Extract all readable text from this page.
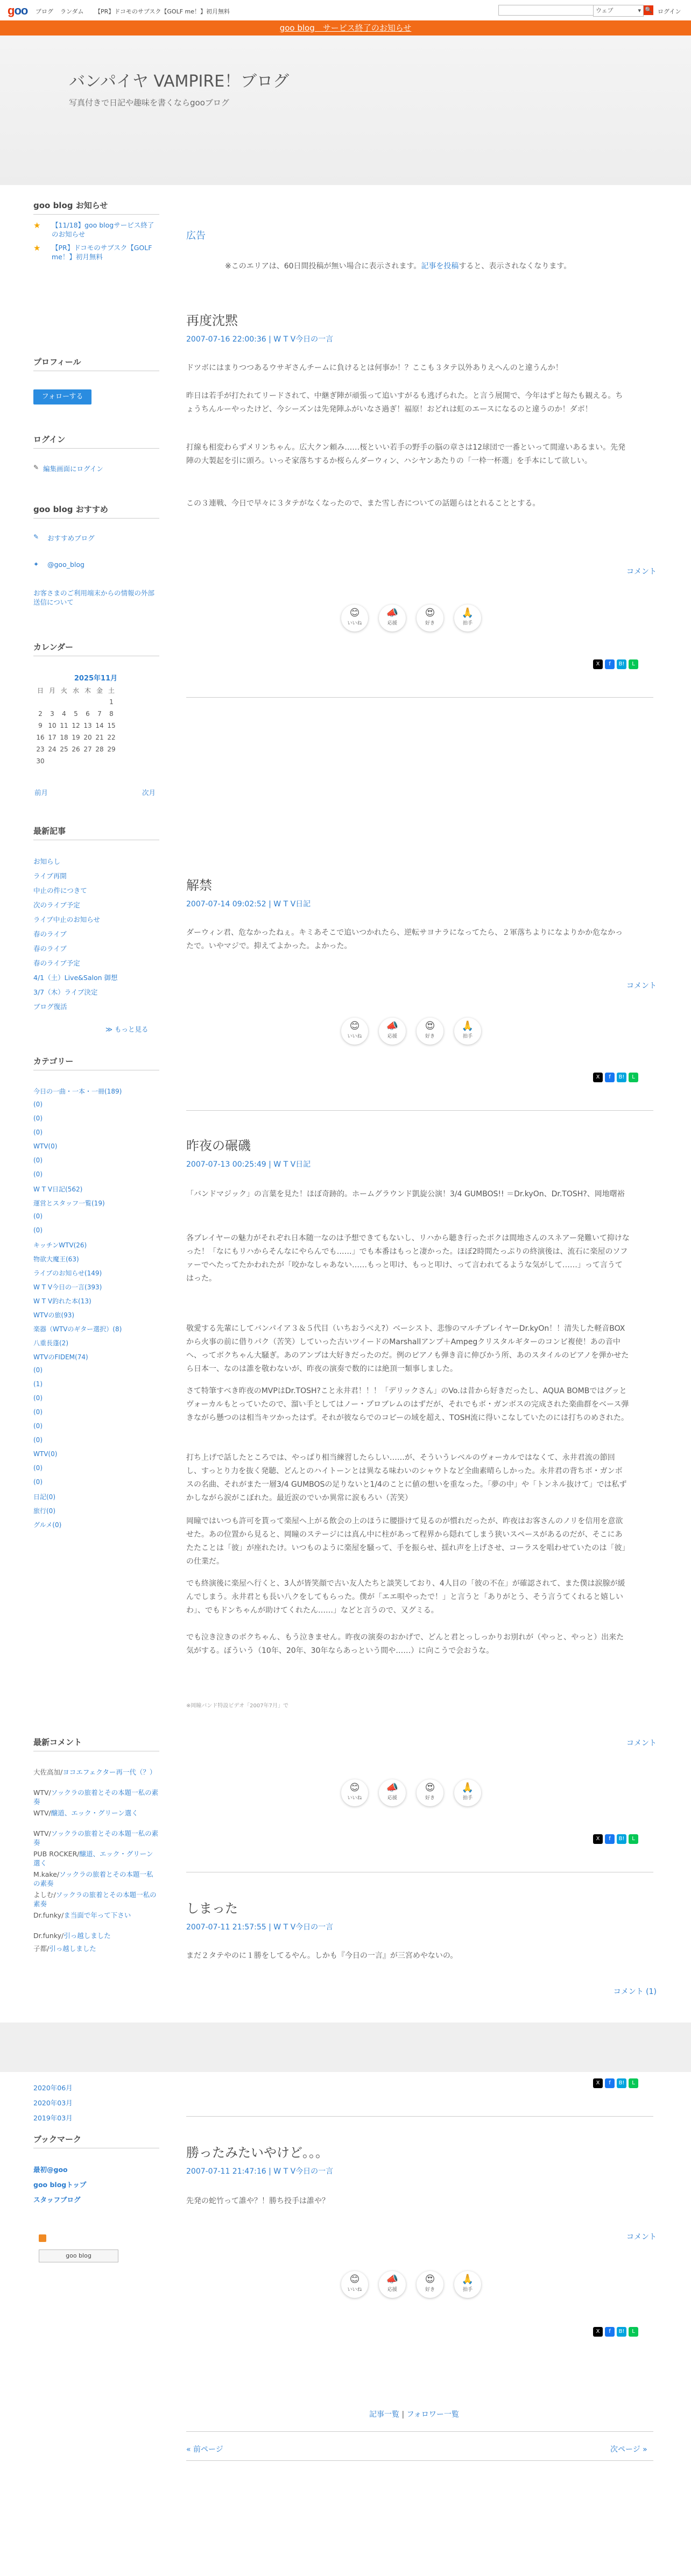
goo ブログ ランダム 【PR】ドコモのサブスク【GOLF me！】初月無料	ウェブ	▾ 🔍 ログイン
goo blog　サービス終了のお知らせ
バンパイヤ VAMPIRE！ブログ
写真付きで日記や趣味を書くならgooブログ
goo blog お知らせ
★ 【11/18】goo blogサービス終了のお知らせ
★ 【PR】ドコモのサブスク【GOLF me！】初月無料
プロフィール
フォローする
ログイン
✎ 編集画面にログイン
goo blog おすすめ
✎ おすすめブログ
✦ @goo_blog
お客さまのご利用端末からの情報の外部送信について
カレンダー
2025年11月
日	月	火	水	木	金	土
						1
2	3	4	5	6	7	8
9	10	11	12	13	14	15
16	17	18	19	20	21	22
23	24	25	26	27	28	29
30						
前月	次月
最新記事
カテゴリー
最新コメント
ブックマーク
最初@goo
goo blogトップ
スタッフブログ
goo blog
広告
※このエリアは、60日間投稿が無い場合に表示されます。記事を投稿すると、表示されなくなります。
記事一覧 | フォロワー一覧
« 前ページ	次ページ »
お知らし
ライブ再開
中止の件につきて
次のライブ予定
ライブ中止のお知らせ
春のライブ
春のライブ
春のライブ予定
4/1（土）Live&Salon 御想
3/7（木）ライブ決定
ブログ復活
≫ もっと見る
今日の一曲・一本・一冊(189)
(0)
(0)
(0)
WTV(0)
(0)
(0)
W T V日記(562)
運営とスタッフ一覧(19)
(0)
(0)
キッチンWTV(26)
物欲大魔王(63)
ライブのお知らせ(149)
W T V今日の一言(393)
W T V釣れた本(13)
WTVの旅(93)
楽器（WTVのギター選択）(8)
八重長蓬(2)
WTVのFIDEM(74)
(0)
(1)
(0)
(0)
(0)
(0)
WTV(0)
(0)
(0)
日記(0)
旅行(0)
グルメ(0)
大佐高加/ヨコエフェクター再一代（？）
WTV/ソックラの旅着とその本題一私の素奏
WTV/醸道、エック・グリーン選く
WTV/ソックラの旅着とその本題一私の素奏
PUB ROCKER/醸道、エック・グリーン選く
M.kake/ソックラの旅着とその本題一私の素奏
よしむ/ソックラの旅着とその本題一私の素奏
Dr.funky/ま当面で年って下さい
Dr.funky/引っ越しました
子都/引っ越しました
2020年06月
2020年03月
2019年03月
再度沈黙
2007-07-16 22:00:36 | W T V今日の一言
ドツボにはまりつつあるウサギさんチームに負けるとは何事か！？ここも３タテ以外ありえへんのと違うんか！
昨日は若手が打たれてリードされて、中継ぎ陣が頑張って追いすがるも逃げられた。と言う展開で、今年はずと毎たも観える。ちょうちんルーやったけど、今シーズンは先発陣ふがいなさ過ぎ！福原！おどれは虹のエースになるのと違うのか！ダボ！
打線も相変わらずメリンちゃん。広大クン頼み……桜といい若手の野手の脳の章さは12球団で一番といって間違いあるまい。先発陣の大製起を引に頭ろ。いっそ家落ちするか桜らんダーウィン、ハシヤンあたりの「一枠一杯選」を手本にして欲しい。
この３連戦、今日で早々に３タテがなくなったので、また雪し杏についての話題らはとれることとする。
コメント
😊
いいね
📣
応援
😍
好き
🙏
拍手
X	f	B!	L
解禁
2007-07-14 09:02:52 | W T V日記
ダーウィン君、危なかったねぇ。キミあそこで追いつかれたら、逆転サヨナラになってたら、２軍落ちよりになよりかか危なかったで。いやマジで。抑えてよかった。よかった。
コメント
😊
いいね
📣
応援
😍
好き
🙏
拍手
X	f	B!	L
昨夜の碾磯
2007-07-13 00:25:49 | W T V日記
「バンドマジック」の言葉を見た！ほぼ奇跡的。ホームグラウンド凱旋公演！3/4 GUMBOS!! ＝Dr.kyOn、Dr.TOSH?、岡地曙裕
各プレイヤーの魅力がそれぞれ日本随一なのは予想できてもないし、リハから聴き行ったボクは間地さんのスネアー発難いて抑けなった！「なにもリハからそんなにやらんでも……」でも本番はもっと凄かった。ほぼ2時間たっぷりの終演後は、流石に楽屋のソファーでへたってたかわれたが「咬かなしゃあない……もっと叩け、もっと叩け、って言われてるような気がして……」って言うてはった。
敬愛する先輩にしてバンパイア３＆５代目（いちおうべえ?）ベーシスト、悲惨のマルチプレイヤーDr.kyOn！！清失した軽音BOXから火事の前に借りパク（苦笑）していった古いツイードのMarshallアンプ＋Ampegクリスタルギターのコンビ複使！あの音中へ、ってボクちゃん大騒ぎ。あのアンプは大好きだったのだ。例のピアノも弾き音に伸びかう所、あのスタイルのピアノを弾かせたら日本一、なのは誰を敬わないが、昨夜の演奏で数的には絶頂一類事しました。
さて特筆すべき昨夜のMVPはDr.TOSH?こと永井君！！！「デリックさん」のVo.は昔から好きだったし、AQUA BOMBではグッとヴォーカルもとっていたので、溜い手としてはノー・プロブレムのはずだが、それでもボ・ガンボスの完成された楽曲群をベース弾きながら懸つのは相当キツかったはず。それが彼ならでのコピーの域を超え、TOSH流に得いこなしていたのには打ちのめされた。
打ち上げで話したところでは、やっぱり相当練習したらしい……が、そういうレベルのヴォーカルではなくて、永井君流の節回し、すっとり力を抜く発聴、どんとのハイトーンとは異なる味わいのシャウトなど全曲素晴らしかった。永井君の背ちボ・ガンボスの名曲、それがまた一層3/4 GUMBOSの足りないと1/4のことに値の想いを重なった。「夢の中」や「トンネル抜けて」では私ずかしながら涙がこぼれた。最近涙のでいか異常に涙もろい（苦笑）
岡瞳ではいつも許可を貰って楽屋へ上がる飲会の上のほうに腰掛けて見るのが慣れだったが、昨夜はお客さんのノリを信用を意欲せた。あの位置から見ると、岡瞳のステージには真ん中に柱があって程界から隠れてしまう狭いスペースがあるのだが、そこにあたたことは「彼」が座れたけ。いつものように楽屋を騒って、手を振らせ、揺れ声を上げさせ、コーラスを唱わせていたのは「彼」の仕業だ。
でも終演後に楽屋へ行くと、3人が皆笑顔で古い友人たちと談笑しており、4人目の「彼の不在」が確認されて、また僕は涙腺が緩んでしまう。永井君とも長い八クをしてもらった。僕が「エエ唄やったで！」と言うと「ありがとう、そう言うてくれると嬉しいわ」、でもドンちゃんが助けてくれたん……」などと言うので、又グミる。
でも泣き泣きのボクちゃん、もう泣きません。昨夜の演奏のおかげで、どんと君とっしっかりお別れが（やっと、やっと）出来た気がする。ぼういう（10年、20年、30年ならあっという間や……）に向こうで会おうな。
※岡瞳バンド特設ビデオ「2007年7月」で
コメント
😊
いいね
📣
応援
😍
好き
🙏
拍手
X	f	B!	L
しまった
2007-07-11 21:57:55 | W T V今日の一言
まだ２タテやのに１勝をしてるやん。しかも『今日の一言』が三宮めやないの。
コメント (1)
X	f	B!	L
勝ったみたいやけど。。。
2007-07-11 21:47:16 | W T V今日の一言
先発の蛇竹って誰や？！勝ち投手は誰や？
コメント
😊
いいね
📣
応援
😍
好き
🙏
拍手
X	f	B!	L
